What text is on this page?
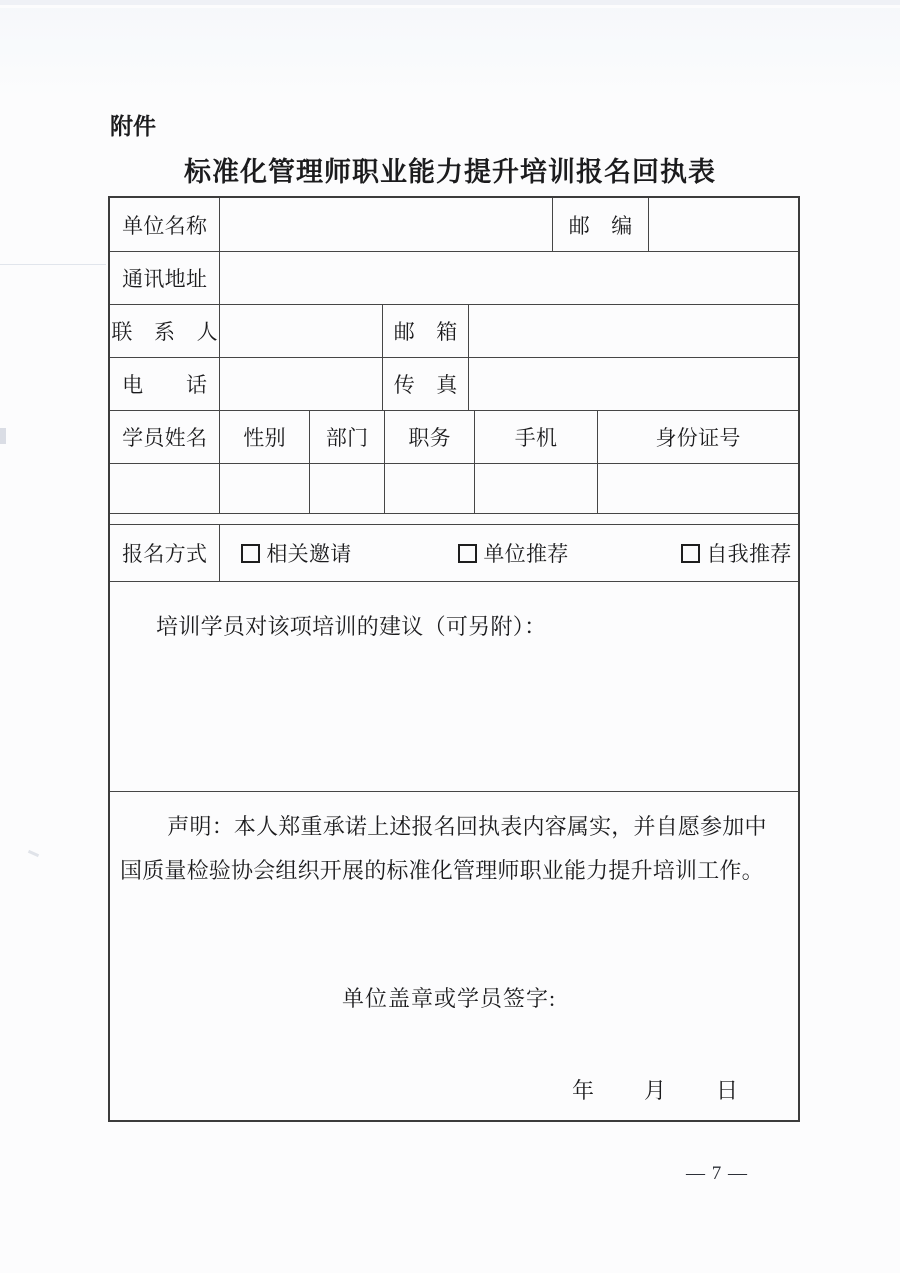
附件
标准化管理师职业能力提升培训报名回执表
单位名称	邮　编
通讯地址
联　系　人	邮　箱
电　　话	传　真
学员姓名	性别	部门	职务	手机	身份证号
报名方式	相关邀请	单位推荐	自我推荐
培训学员对该项培训的建议（可另附）：

声明：本人郑重承诺上述报名回执表内容属实，并自愿参加中国质量检验协会组织开展的标准化管理师职业能力提升培训工作。

单位盖章或学员签字:
年　　月　　日
— 7 —
